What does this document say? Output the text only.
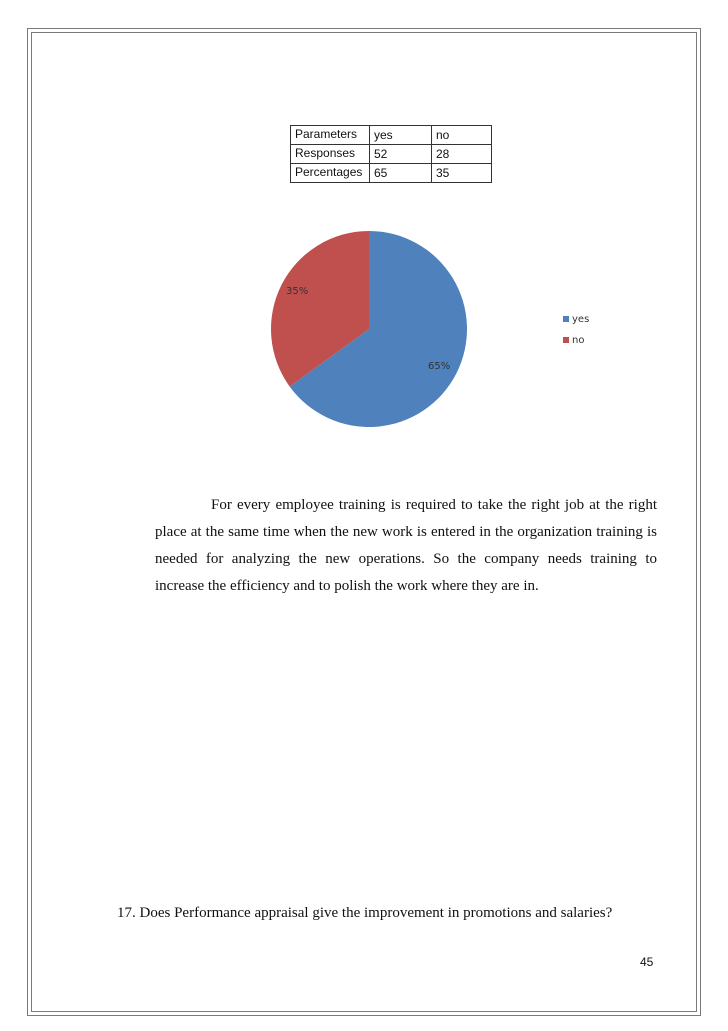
Parameters	yes	no
Responses	52	28
Percentages	65	35
65%
35%
yes
no
For every employee training is required to take the right job at the right place at the same time when the new work is entered in the organization training is needed for analyzing the new operations. So the company needs training to increase the efficiency and to polish the work where they are in.
17. Does Performance appraisal give the improvement in promotions and salaries?
45
